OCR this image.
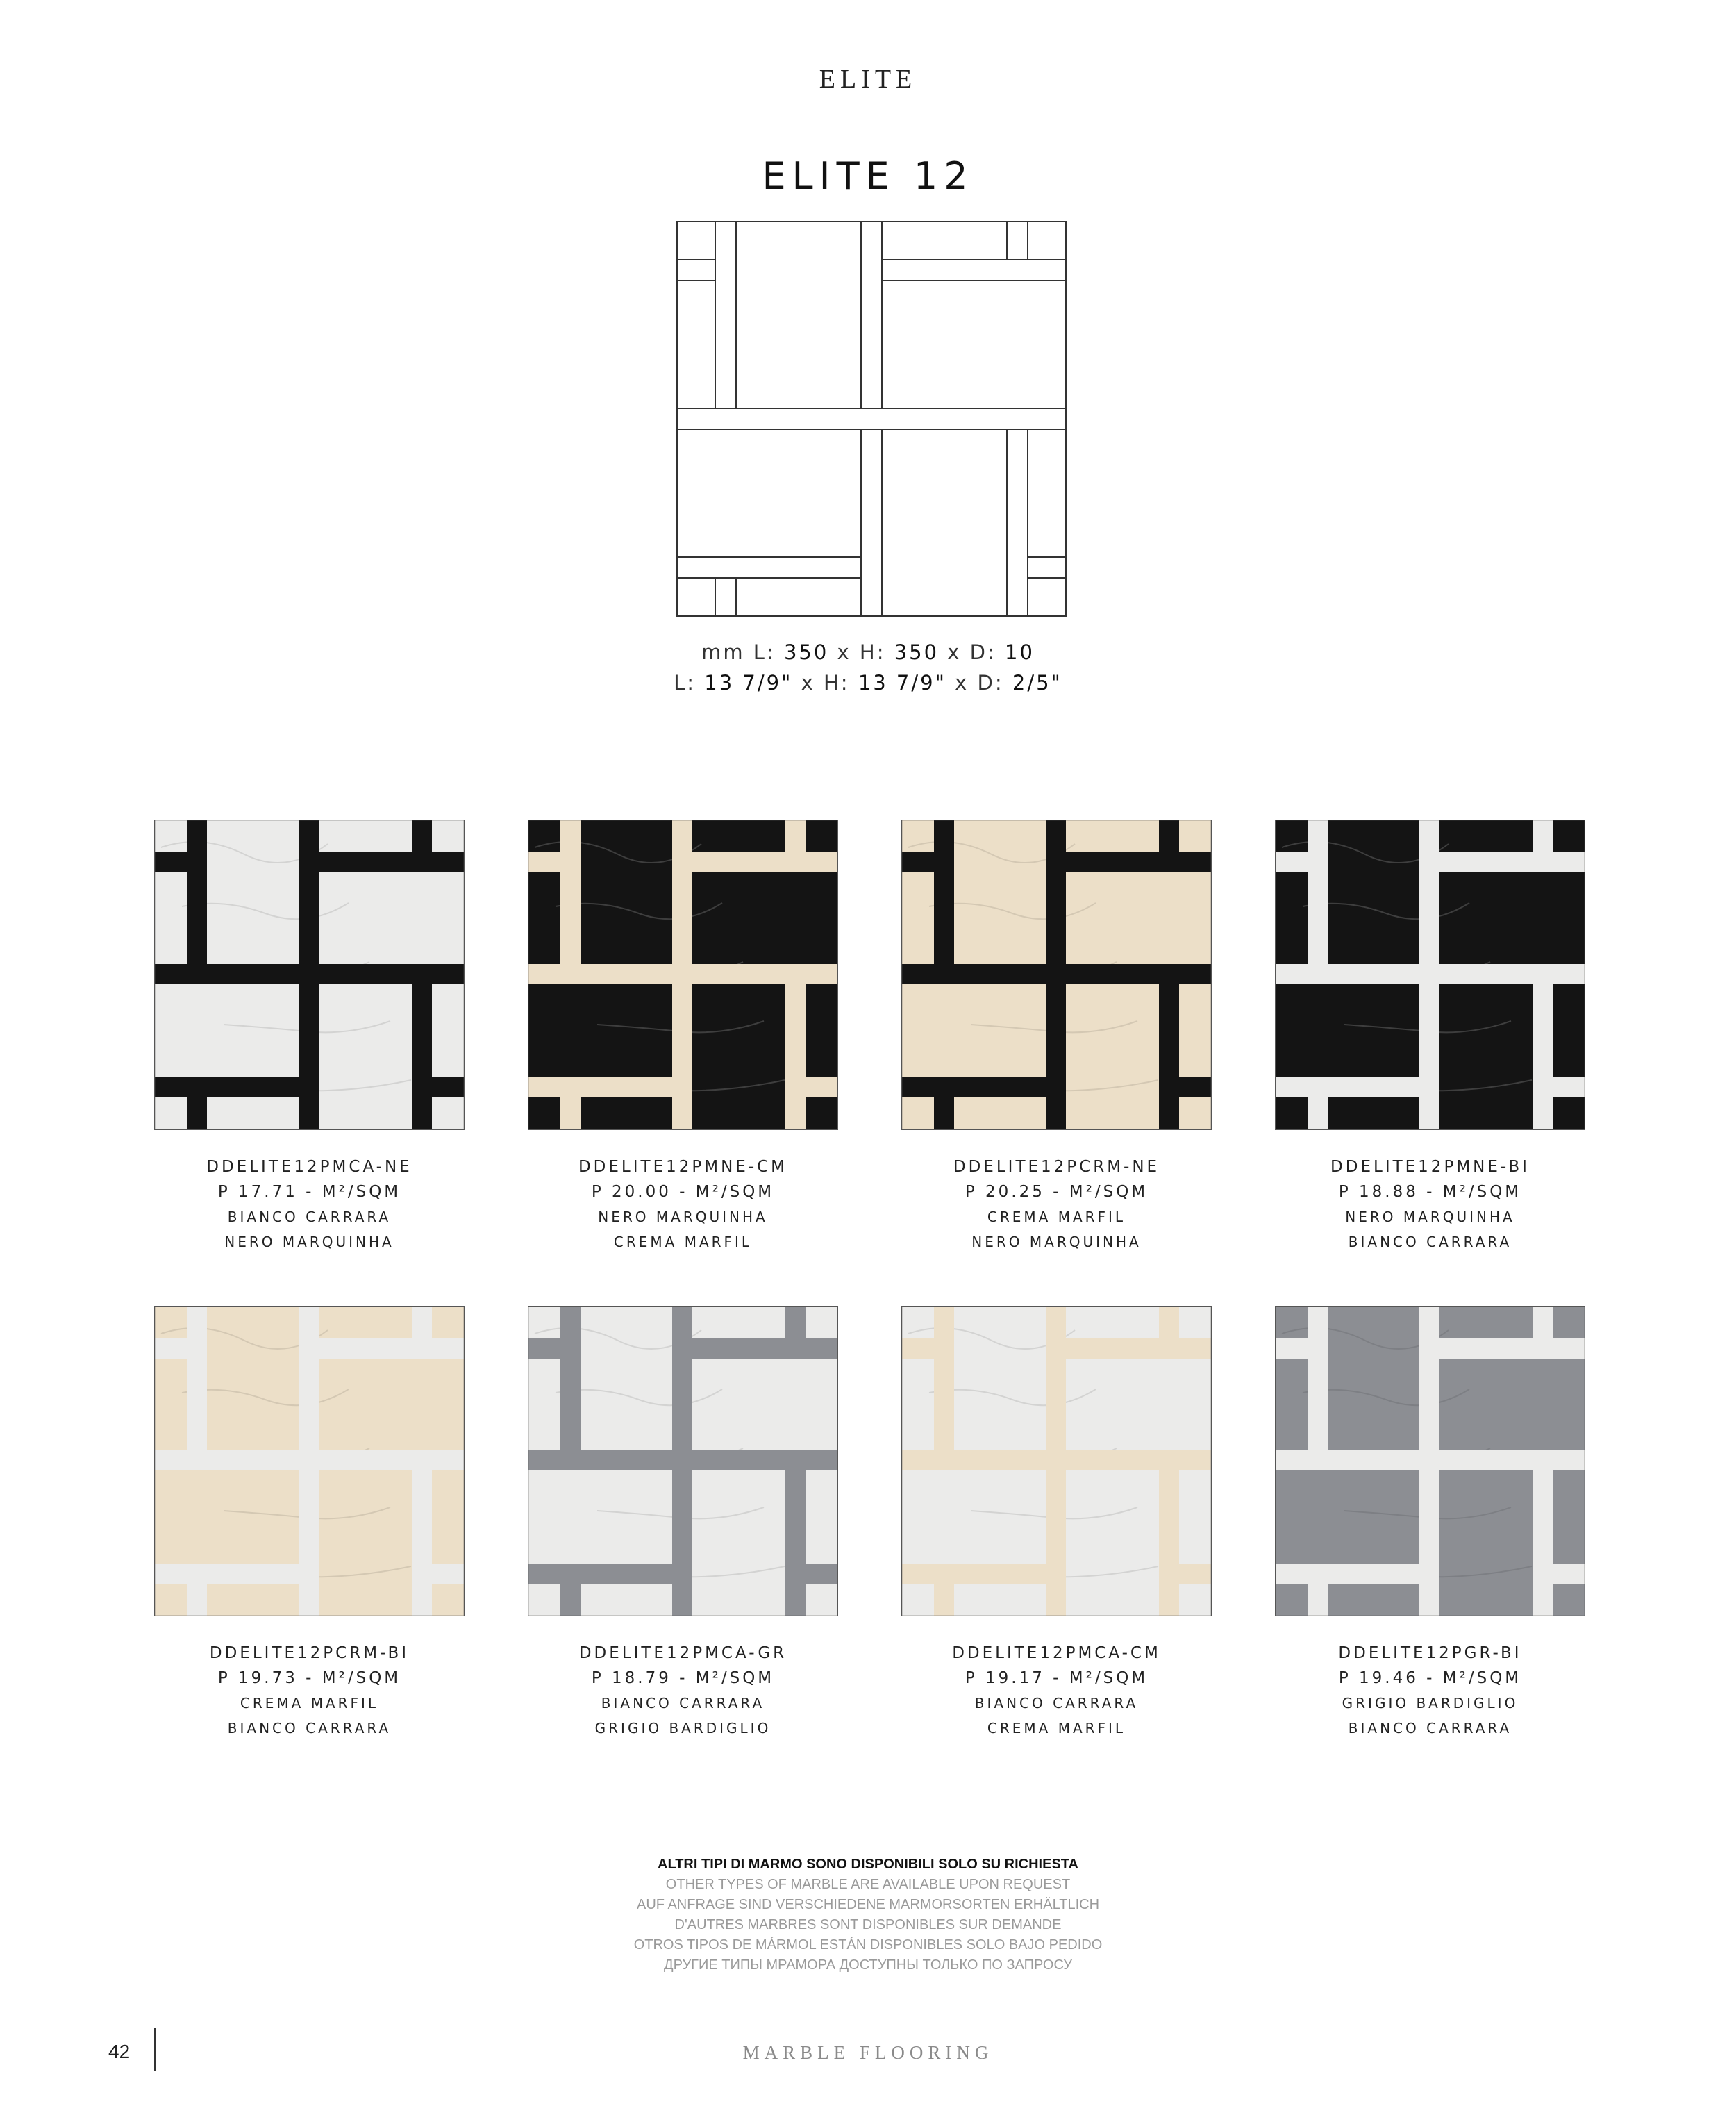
ELITE
ELITE 12
mm L: 350 x H: 350 x D: 10
L: 13 7/9" x H: 13 7/9" x D: 2/5"
DDELITE12PMCA-NE
P 17.71 - M²/SQM
BIANCO CARRARA
NERO MARQUINHA
DDELITE12PMNE-CM
P 20.00 - M²/SQM
NERO MARQUINHA
CREMA MARFIL
DDELITE12PCRM-NE
P 20.25 - M²/SQM
CREMA MARFIL
NERO MARQUINHA
DDELITE12PMNE-BI
P 18.88 - M²/SQM
NERO MARQUINHA
BIANCO CARRARA
DDELITE12PCRM-BI
P 19.73 - M²/SQM
CREMA MARFIL
BIANCO CARRARA
DDELITE12PMCA-GR
P 18.79 - M²/SQM
BIANCO CARRARA
GRIGIO BARDIGLIO
DDELITE12PMCA-CM
P 19.17 - M²/SQM
BIANCO CARRARA
CREMA MARFIL
DDELITE12PGR-BI
P 19.46 - M²/SQM
GRIGIO BARDIGLIO
BIANCO CARRARA
ALTRI TIPI DI MARMO SONO DISPONIBILI SOLO SU RICHIESTA
OTHER TYPES OF MARBLE ARE AVAILABLE UPON REQUEST
AUF ANFRAGE SIND VERSCHIEDENE MARMORSORTEN ERHÄLTLICH
D'AUTRES MARBRES SONT DISPONIBLES SUR DEMANDE
OTROS TIPOS DE MÁRMOL ESTÁN DISPONIBLES SOLO BAJO PEDIDO
ДРУГИЕ ТИПЫ МРАМОРА ДОСТУПНЫ ТОЛЬКО ПО ЗАПРОСУ
42	MARBLE FLOORING
